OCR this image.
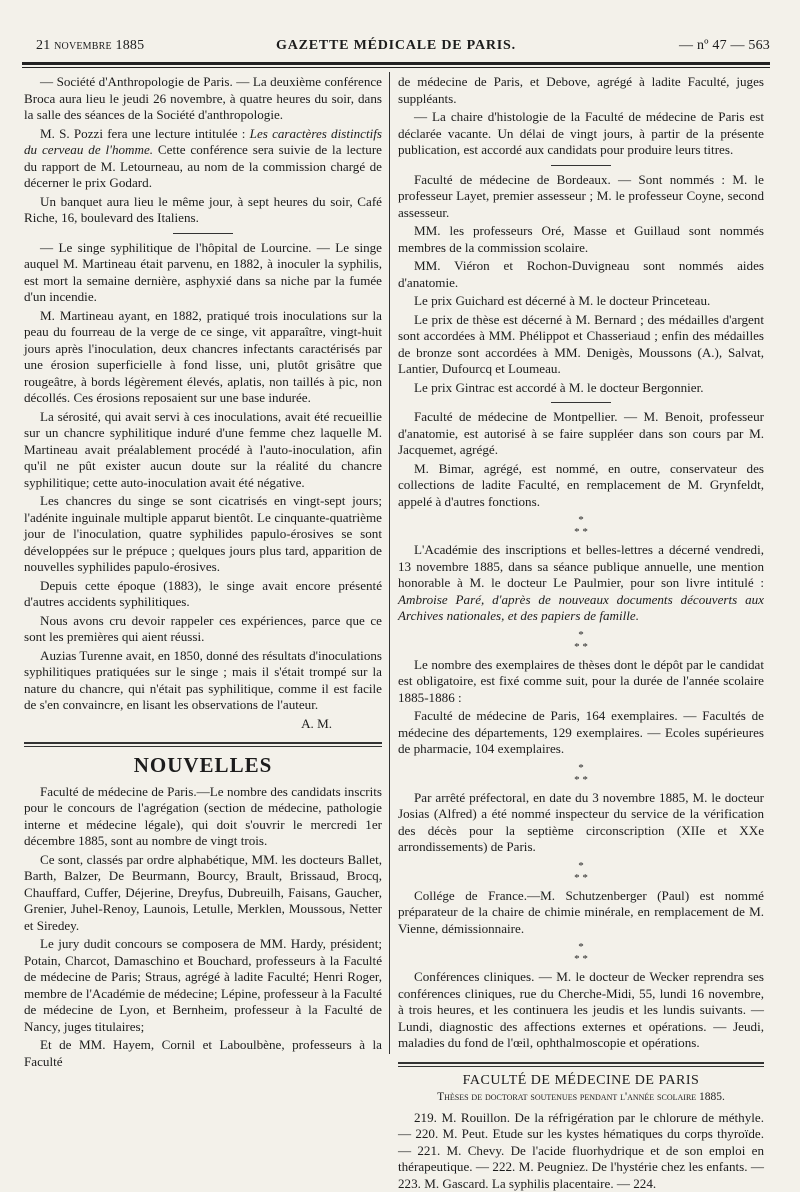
21 novembre 1885	GAZETTE MÉDICALE DE PARIS.	— nº 47 — 563

— Société d'Anthropologie de Paris. — La deuxième conférence Broca aura lieu le jeudi 26 novembre, à quatre heures du soir, dans la salle des séances de la Société d'anthropologie.

M. S. Pozzi fera une lecture intitulée : Les caractères distinctifs du cerveau de l'homme. Cette conférence sera suivie de la lecture du rapport de M. Letourneau, au nom de la commission chargé de décerner le prix Godard.

Un banquet aura lieu le même jour, à sept heures du soir, Café Riche, 16, boulevard des Italiens.

— Le singe syphilitique de l'hôpital de Lourcine. — Le singe auquel M. Martineau était parvenu, en 1882, à inoculer la syphilis, est mort la semaine dernière, asphyxié dans sa niche par la fumée d'un incendie.

M. Martineau ayant, en 1882, pratiqué trois inoculations sur la peau du fourreau de la verge de ce singe, vit apparaître, vingt-huit jours après l'inoculation, deux chancres infectants caractérisés par une érosion superficielle à fond lisse, uni, plutôt grisâtre que rougeâtre, à bords légèrement élevés, aplatis, non taillés à pic, non décollés. Ces érosions reposaient sur une base indurée.

La sérosité, qui avait servi à ces inoculations, avait été recueillie sur un chancre syphilitique induré d'une femme chez laquelle M. Martineau avait préalablement procédé à l'auto-inoculation, afin qu'il ne pût exister aucun doute sur la réalité du chancre syphilitique; cette auto-inoculation avait été négative.

Les chancres du singe se sont cicatrisés en vingt-sept jours; l'adénite inguinale multiple apparut bientôt. Le cinquante-quatrième jour de l'inoculation, quatre syphilides papulo-érosives se sont développées sur le prépuce ; quelques jours plus tard, apparition de nouvelles syphilides papulo-érosives.

Depuis cette époque (1883), le singe avait encore présenté d'autres accidents syphilitiques.

Nous avons cru devoir rappeler ces expériences, parce que ce sont les premières qui aient réussi.

Auzias Turenne avait, en 1850, donné des résultats d'inoculations syphilitiques pratiquées sur le singe ; mais il s'était trompé sur la nature du chancre, qui n'était pas syphilitique, comme il est facile de s'en convaincre, en lisant les observations de l'auteur.

A. M.
NOUVELLES

Faculté de médecine de Paris.—Le nombre des candidats inscrits pour le concours de l'agrégation (section de médecine, pathologie interne et médecine légale), qui doit s'ouvrir le mercredi 1er décembre 1885, sont au nombre de vingt trois.

Ce sont, classés par ordre alphabétique, MM. les docteurs Ballet, Barth, Balzer, De Beurmann, Bourcy, Brault, Brissaud, Brocq, Chauffard, Cuffer, Déjerine, Dreyfus, Dubreuilh, Faisans, Gaucher, Grenier, Juhel-Renoy, Launois, Letulle, Merklen, Moussous, Netter et Siredey.

Le jury dudit concours se composera de MM. Hardy, président; Potain, Charcot, Damaschino et Bouchard, professeurs à la Faculté de médecine de Paris; Straus, agrégé à ladite Faculté; Henri Roger, membre de l'Académie de médecine; Lépine, professeur à la Faculté de médecine de Lyon, et Bernheim, professeur à la Faculté de Nancy, juges titulaires;

Et de MM. Hayem, Cornil et Laboulbène, professeurs à la Faculté

de médecine de Paris, et Debove, agrégé à ladite Faculté, juges suppléants.

— La chaire d'histologie de la Faculté de médecine de Paris est déclarée vacante. Un délai de vingt jours, à partir de la présente publication, est accordé aux candidats pour produire leurs titres.

Faculté de médecine de Bordeaux. — Sont nommés : M. le professeur Layet, premier assesseur ; M. le professeur Coyne, second assesseur.

MM. les professeurs Oré, Masse et Guillaud sont nommés membres de la commission scolaire.

MM. Viéron et Rochon-Duvigneau sont nommés aides d'anatomie.

Le prix Guichard est décerné à M. le docteur Princeteau.

Le prix de thèse est décerné à M. Bernard ; des médailles d'argent sont accordées à MM. Phélippot et Chasseriaud ; enfin des médailles de bronze sont accordées à MM. Denigès, Moussons (A.), Salvat, Lantier, Dufourcq et Loumeau.

Le prix Gintrac est accordé à M. le docteur Bergonnier.

Faculté de médecine de Montpellier. — M. Benoit, professeur d'anatomie, est autorisé à se faire suppléer dans son cours par M. Jacquemet, agrégé.

M. Bimar, agrégé, est nommé, en outre, conservateur des collections de ladite Faculté, en remplacement de M. Grynfeldt, appelé à d'autres fonctions.

*
* *

L'Académie des inscriptions et belles-lettres a décerné vendredi, 13 novembre 1885, dans sa séance publique annuelle, une mention honorable à M. le docteur Le Paulmier, pour son livre intitulé : Ambroise Paré, d'après de nouveaux documents découverts aux Archives nationales, et des papiers de famille.

*
* *

Le nombre des exemplaires de thèses dont le dépôt par le candidat est obligatoire, est fixé comme suit, pour la durée de l'année scolaire 1885-1886 :

Faculté de médecine de Paris, 164 exemplaires. — Facultés de médecine des départements, 129 exemplaires. — Ecoles supérieures de pharmacie, 104 exemplaires.

*
* *

Par arrêté préfectoral, en date du 3 novembre 1885, M. le docteur Josias (Alfred) a été nommé inspecteur du service de la vérification des décès pour la septième circonscription (XIIe et XXe arrondissements) de Paris.

*
* *

Collége de France.—M. Schutzenberger (Paul) est nommé préparateur de la chaire de chimie minérale, en remplacement de M. Vienne, démissionnaire.

*
* *

Conférences cliniques. — M. le docteur de Wecker reprendra ses conférences cliniques, rue du Cherche-Midi, 55, lundi 16 novembre, à trois heures, et les continuera les jeudis et les lundis suivants. — Lundi, diagnostic des affections externes et opérations. — Jeudi, maladies du fond de l'œil, ophthalmoscopie et opérations.

FACULTÉ DE MÉDECINE DE PARIS
Thèses de doctorat soutenues pendant l'année scolaire 1885.

219. M. Rouillon. De la réfrigération par le chlorure de méthyle. — 220. M. Peut. Etude sur les kystes hématiques du corps thyroïde. — 221. M. Chevy. De l'acide fluorhydrique et de son emploi en thérapeutique. — 222. M. Peugniez. De l'hystérie chez les enfants. — 223. M. Gascard. La syphilis placentaire. — 224.
